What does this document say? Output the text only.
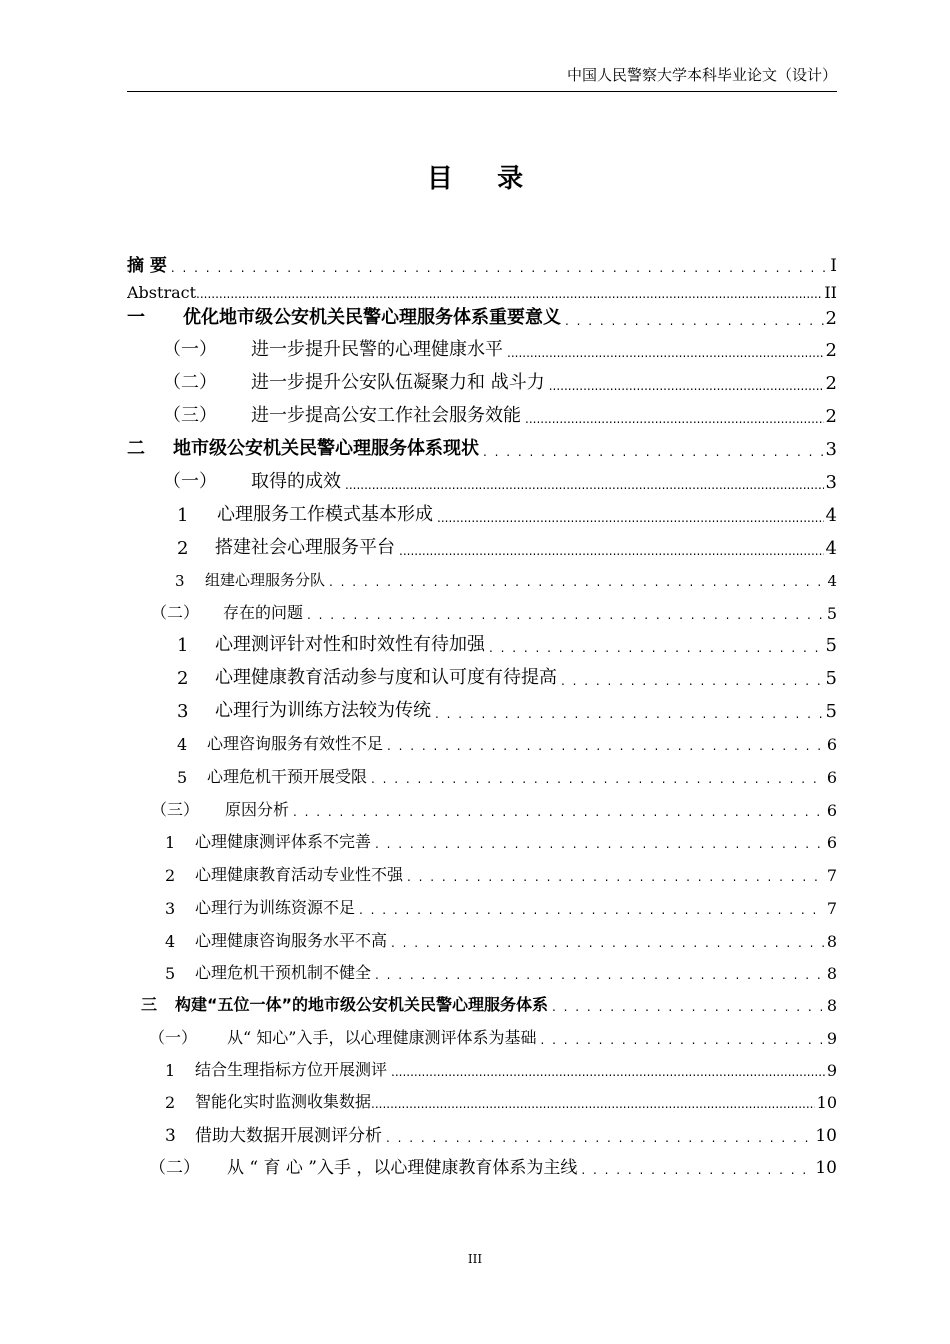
中国人民警察大学本科毕业论文（设计）
目 录
摘 要 . . .	I
Abstract .....	II
一	优化地市级公安机关民警心理服务体系重要意义 . . .	2
（一）	进一步提升民警的心理健康水平 .....	2
（二）	进一步提升公安队伍凝聚力和 战斗力 .....	2
（三）	进一步提高公安工作社会服务效能 .....	2
二	地市级公安机关民警心理服务体系现状 . . .	3
（一）	取得的成效 .....	3
1	心理服务工作模式基本形成 .....	4
2	搭建社会心理服务平台 .....	4
3	组建心理服务分队 . . .	4
（二）	存在的问题 . . .	5
1	心理测评针对性和时效性有待加强 . . .	5
2	心理健康教育活动参与度和认可度有待提高 . . .	5
3	心理行为训练方法较为传统 . . .	5
4	心理咨询服务有效性不足 . . .	6
5	心理危机干预开展受限 . . .	6
（三）	原因分析 . . .	6
1	心理健康测评体系不完善 . . .	6
2	心理健康教育活动专业性不强 . . .	7
3	心理行为训练资源不足 . . .	7
4	心理健康咨询服务水平不高 . . .	8
5	心理危机干预机制不健全 . . .	8
三	构建“五位一体”的地市级公安机关民警心理服务体系 . . .	8
（一）	从“ 知心”入手，以心理健康测评体系为基础 . . .	9
1	结合生理指标方位开展测评 .....	9
2	智能化实时监测收集数据 .....	10
3	借助大数据开展测评分析 . . .	10
（二）	从 “ 育 心 ”入手 ，以心理健康教育体系为主线 . . .	10
III
